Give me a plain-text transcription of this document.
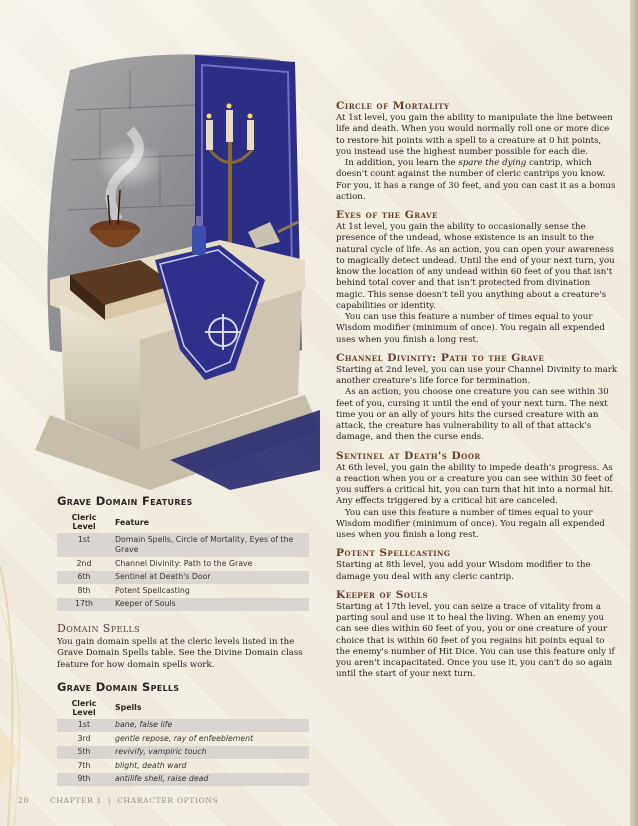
Grave Domain Features
Cleric Level	Feature
1st	Domain Spells, Circle of Mortality, Eyes of the Grave
2nd	Channel Divinity: Path to the Grave
6th	Sentinel at Death's Door
8th	Potent Spellcasting
17th	Keeper of Souls
Domain Spells

You gain domain spells at the cleric levels listed in the Grave Domain Spells table. See the Divine Domain class feature for how domain spells work.

Grave Domain Spells
Cleric Level	Spells
1st	bane, false life
3rd	gentle repose, ray of enfeeblement
5th	revivify, vampiric touch
7th	blight, death ward
9th	antilife shell, raise dead
Circle of Mortality

At 1st level, you gain the ability to manipulate the line between life and death. When you would normally roll one or more dice to restore hit points with a spell to a creature at 0 hit points, you instead use the highest number possible for each die.

In addition, you learn the spare the dying cantrip, which doesn't count against the number of cleric cantrips you know. For you, it has a range of 30 feet, and you can cast it as a bonus action.

Eyes of the Grave

At 1st level, you gain the ability to occasionally sense the presence of the undead, whose existence is an insult to the natural cycle of life. As an action, you can open your awareness to magically detect undead. Until the end of your next turn, you know the location of any undead within 60 feet of you that isn't behind total cover and that isn't protected from divination magic. This sense doesn't tell you anything about a creature's capabilities or identity.

You can use this feature a number of times equal to your Wisdom modifier (minimum of once). You regain all expended uses when you finish a long rest.

Channel Divinity: Path to the Grave

Starting at 2nd level, you can use your Channel Divinity to mark another creature's life force for termination.

As an action, you choose one creature you can see within 30 feet of you, cursing it until the end of your next turn. The next time you or an ally of yours hits the cursed creature with an attack, the creature has vulnerability to all of that attack's damage, and then the curse ends.

Sentinel at Death's Door

At 6th level, you gain the ability to impede death's progress. As a reaction when you or a creature you can see within 30 feet of you suffers a critical hit, you can turn that hit into a normal hit. Any effects triggered by a critical hit are canceled.

You can use this feature a number of times equal to your Wisdom modifier (minimum of once). You regain all expended uses when you finish a long rest.

Potent Spellcasting

Starting at 8th level, you add your Wisdom modifier to the damage you deal with any cleric cantrip.

Keeper of Souls

Starting at 17th level, you can seize a trace of vitality from a parting soul and use it to heal the living. When an enemy you can see dies within 60 feet of you, you or one creature of your choice that is within 60 feet of you regains hit points equal to the enemy's number of Hit Dice. You can use this feature only if you aren't incapacitated. Once you use it, you can't do so again until the start of your next turn.

20	CHAPTER 1 | CHARACTER OPTIONS
